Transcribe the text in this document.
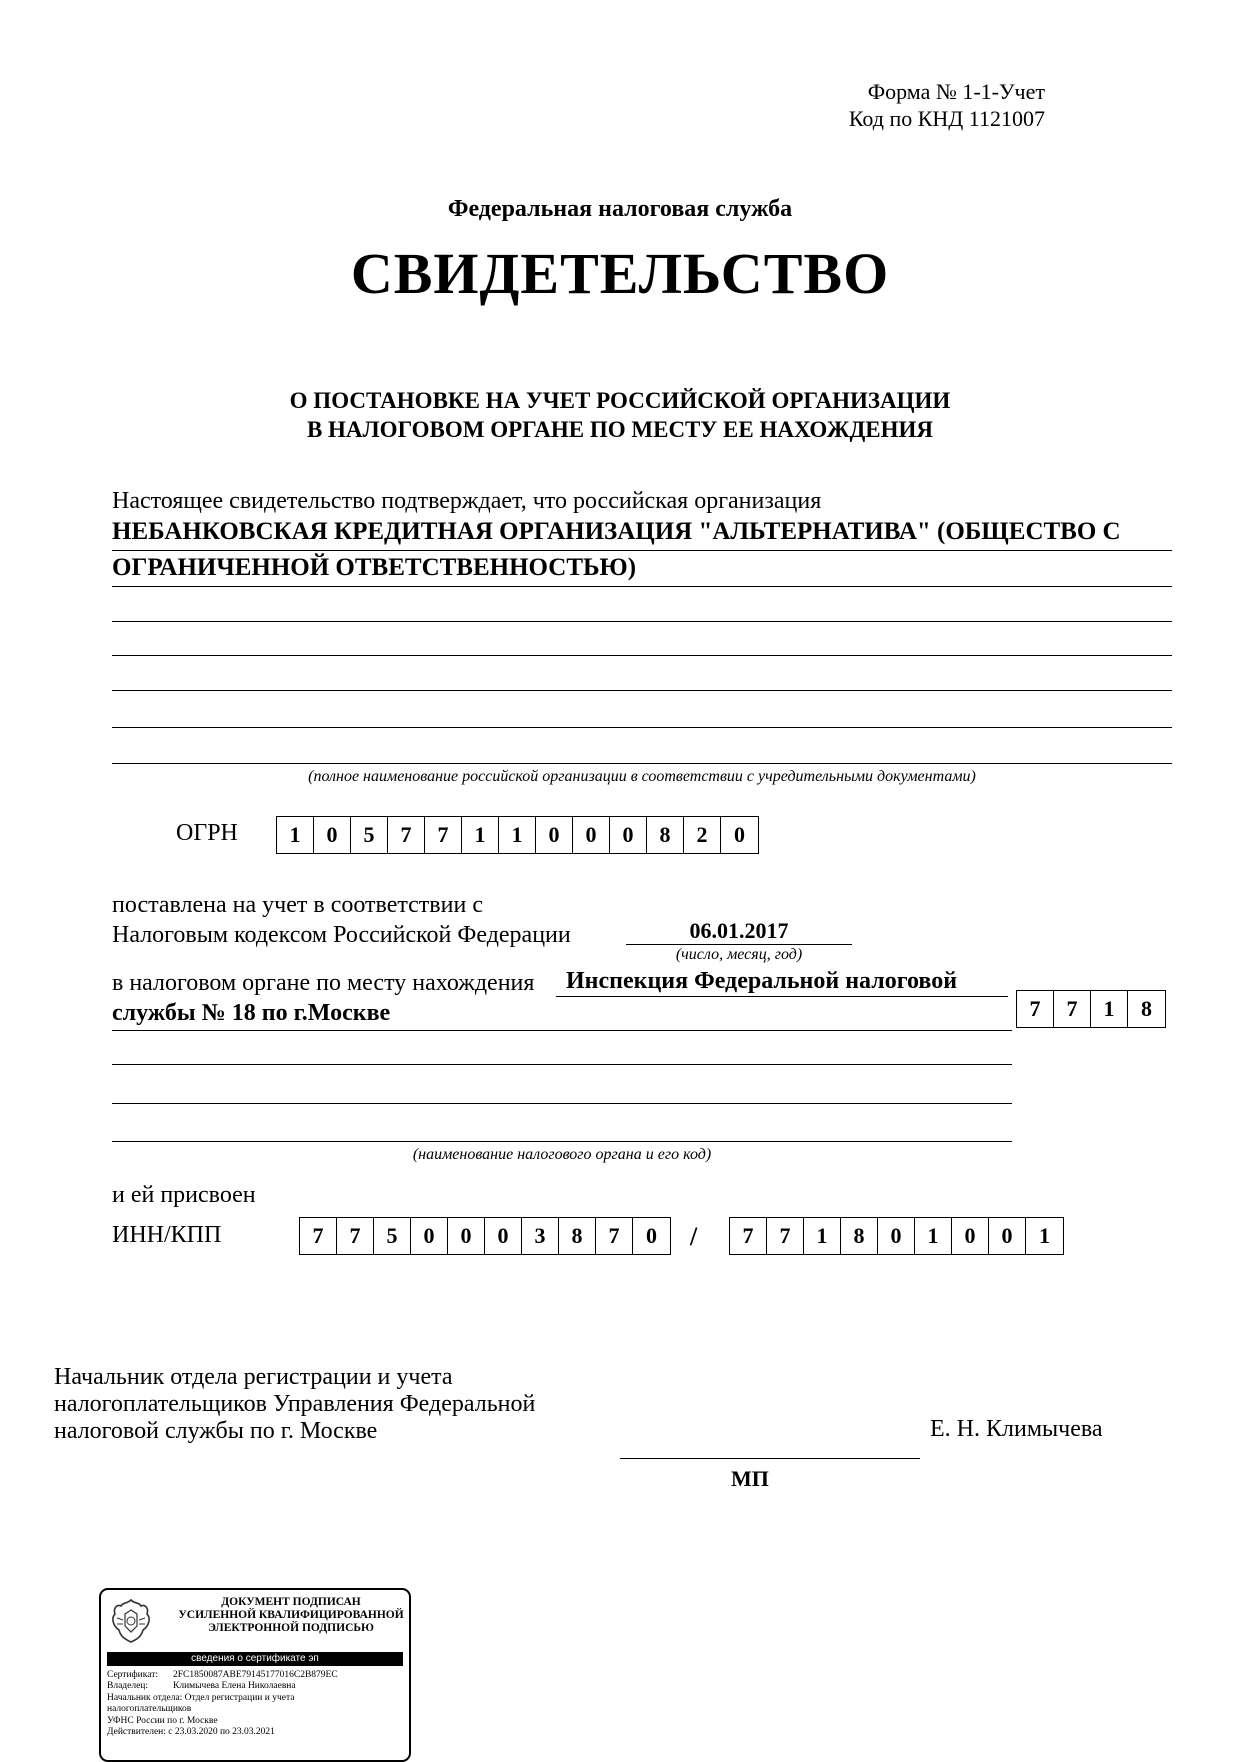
Форма № 1-1-Учет
Код по КНД 1121007
Федеральная налоговая служба
СВИДЕТЕЛЬСТВО
О ПОСТАНОВКЕ НА УЧЕТ РОССИЙСКОЙ ОРГАНИЗАЦИИ
В НАЛОГОВОМ ОРГАНЕ ПО МЕСТУ ЕЕ НАХОЖДЕНИЯ
Настоящее свидетельство подтверждает, что российская организация
НЕБАНКОВСКАЯ КРЕДИТНАЯ ОРГАНИЗАЦИЯ "АЛЬТЕРНАТИВА" (ОБЩЕСТВО С
ОГРАНИЧЕННОЙ ОТВЕТСТВЕННОСТЬЮ)
(полное наименование российской организации в соответствии с учредительными документами)
ОГРН	1	0	5	7	7	1	1	0	0	0	8	2	0
поставлена на учет в соответствии с
Налоговым кодексом Российской Федерации	06.01.2017
(число, месяц, год)
в налоговом органе по месту нахождения Инспекция Федеральной налоговой
службы № 18 по г.Москве	7	7	1	8
(наименование налогового органа и его код)
и ей присвоен
ИНН/КПП	7	7	5	0	0	0	3	8	7	0	/	7	7	1	8	0	1	0	0	1
Начальник отдела регистрации и учета
налогоплательщиков Управления Федеральной
налоговой службы по г. Москве	Е. Н. Климычева
МП
ДОКУМЕНТ ПОДПИСАН
УСИЛЕННОЙ КВАЛИФИЦИРОВАННОЙ
ЭЛЕКТРОННОЙ ПОДПИСЬЮ
сведения о сертификате эп
Сертификат: 2FC1850087ABE79145177016C2B879EC
Владелец:	Климычева Елена Николаевна
Начальник отдела: Отдел регистрации и учета
налогоплательщиков
УФНС России по г. Москве
Действителен: с 23.03.2020 по 23.03.2021
